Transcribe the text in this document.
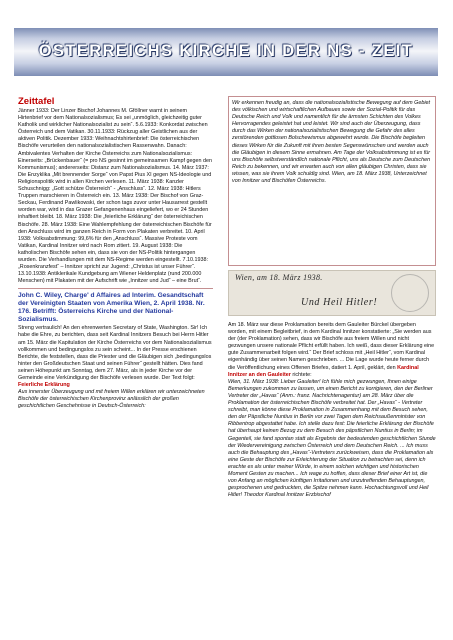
ÖSTERREICHS KIRCHE IN DER NS - ZEIT
Zeittafel

Jänner 1933: Der Linzer Bischof Johannes M. Gföllner warnt in seinem Hirtenbrief vor dem Nationalsozialismus; Es sei „unmöglich, gleichzeitig guter Katholik und wirklicher Nationalsozialist zu sein“. 5.6.1933: Konkordat zwischen Österreich und dem Vatikan. 30.11.1933: Rückzug aller Geistlichen aus der aktiven Politik. Dezember 1933: Weihnachtshirtenbrief: Die österreichischen Bischöfe verurteilen den nationalsozialistischen Rassenwahn. Danach: Ambivalentes Verhalten der Kirche Österreichs zum Nationalsozialismus: Einerseits: „Brückenbauer“ (= pro NS gesinnt im gemeinsamen Kampf gegen den Kommunismus); andererseits: Distanz zum Nationalsozialismus. 14. März 1937: Die Enzyklika „Mit brennender Sorge“ von Papst Pius XI gegen NS-Ideologie und Religionspolitik wird in allen Kirchen verlesen. 11. März 1938: Kanzler Schuschnigg: „Gott schütze Österreich“ - „Anschluss“. 12. März 1938: Hitlers Truppen marschieren in Österreich ein. 13. März 1938: Der Bischof von Graz-Seckau, Ferdinand Pawlikowski, der schon tags zuvor unter Hausarrest gestellt worden war, wird in das Grazer Gefangenenhaus eingeliefert, wo er 24 Stunden inhaftiert bleibt. 18. März 1938: Die „feierliche Erklärung“ der österreichischen Bischöfe. 28. März 1938: Eine Wahlempfehlung der österreichischen Bischöfe für den Anschluss wird im ganzen Reich in Form von Plakaten verbreitet. 10. April 1938: Volksabstimmung: 99,6% für den „Anschluss“. Massive Proteste vom Vatikan, Kardinal Innitzer wird nach Rom zitiert. 19. August 1938: Die katholischen Bischöfe sehen ein, dass sie von der NS-Politik hintergangen wurden. Die Verhandlungen mit dem NS-Regime werden eingestellt. 7.10.1938: „Rosenkranzfest“ – Innitzer spricht zur Jugend: „Christus ist unser Führer“. 13.10.1938: Antiklerikale Kundgebung am Wiener Heldenplatz (rund 200.000 Menschen) mit Plakaten mit der Aufschrift wie „Innitzer und Jud“ – eine Brut“.

John C. Wiley, Charge' d Affaires ad Interim. Gesandtschaft der Vereinigten Staaten von Amerika Wien, 2. April 1938. Nr. 176. Betrifft: Österreichs Kirche und der National-Sozialismus.

Streng vertraulich! An den ehrenwerten Secretary of State, Washington. Sir! Ich habe die Ehre, zu berichten, dass seit Kardinal Innitzers Besuch bei Herrn Hitler am 15. März die Kapitulation der Kirche Österreichs vor dem Nationalsozialismus vollkommen und bedingungslos zu sein scheint... In der Presse erschienen Berichte, die feststellen, dass die Priester und die Gläubigen sich „bedingungslos hinter den Großdeutschen Staat und seinen Führer“ gestellt hätten. Dies fand seinen Höhepunkt am Sonntag, dem 27. März, als in jeder Kirche vor der Gemeinde eine Verkündigung der Bischöfe verlesen wurde. Der Text folgt: Feierliche Erklärung

Aus innerster Überzeugung und mit freiem Willen erklären wir unterzeichneten Bischöfe der österreichischen Kirchenprovinz anlässlich der großen geschichtlichen Geschehnisse in Deutsch-Österreich:

Wir erkennen freudig an, dass die nationalsozialistische Bewegung auf dem Gebiet des völkischen und wirtschaftlichen Aufbaues sowie der Sozial-Politik für das Deutsche Reich und Volk und namentlich für die ärmsten Schichten des Volkes Hervorragendes geleistet hat und leistet. Wir sind auch der Überzeugung, dass durch das Wirken der nationalsozialistischen Bewegung die Gefahr des alles zerstörenden gottlosen Bolschewismus abgewehrt wurde. Die Bischöfe begleiten dieses Wirken für die Zukunft mit ihren besten Segenswünschen und werden auch die Gläubigen in diesem Sinne ermahnen. Am Tage der Volksabstimmung ist es für uns Bischöfe selbstverständlich nationale Pflicht, uns als Deutsche zum Deutschen Reich zu bekennen, und wir erwarten auch von allen gläubigen Christen, dass sie wissen, was sie ihrem Volk schuldig sind. Wien, am 18. März 1938, Unterzeichnet von Innitzer und Bischöfen Österreichs.

Wien, am 18. März 1938.
Und Heil Hitler!

Am 18. März war diese Proklamation bereits dem Gauleiter Bürckel übergeben worden, mit einem Begleitbrief, in dem Kardinal Innitzer konstatierte: „Sie werden aus der (der Proklamation) sehen, dass wir Bischöfe aus freiem Willen und nicht gezwungen unsere nationale Pflicht erfüllt haben. Ich weiß, dass dieser Erklärung eine gute Zusammenarbeit folgen wird.“ Der Brief schloss mit „Heil Hitler“, vom Kardinal eigenhändig über seinen Namen geschrieben. ... Die Lage wurde heute ferner durch die Veröffentlichung eines Offenen Briefes, datiert 1. April, geklärt, den Kardinal Innitzer an den Gauleiter richtete:

Wien, 31. März 1938: Lieber Gauleiter! Ich fühle mich gezwungen, Ihnen einige Bemerkungen zukommen zu lassen, um einen Bericht zu korrigieren, den der Berliner Vertreter der „Havas“ (Anm.: franz. Nachrichtenagentur) am 28. März über die Proklamation der österreichischen Bischöfe verbreitet hat. Der „Havas“ - Vertreter schreibt, man könne diese Proklamation in Zusammenhang mit dem Besuch sehen, den der Päpstliche Nuntius in Berlin vor zwei Tagen dem Reichsaußenminister von Ribbentrop abgestattet habe. Ich stelle dazu fest: Die feierliche Erklärung der Bischöfe hat überhaupt keinen Bezug zu dem Besuch des päpstlichen Nuntius in Berlin; im Gegenteil, sie fand spontan statt als Ergebnis der bedeutenden geschichtlichen Stunde der Wiedervereinigung zwischen Österreich und dem Deutschen Reich. ... Ich muss auch die Behauptung des „Havas“-Vertreters zurückweisen, dass die Proklamation als eine Geste der Bischöfe zur Erleichterung der Situation zu betrachten sei, denn ich erachte es als unter meiner Würde, in einem solchen wichtigen und historischen Moment Gesten zu machen... Ich wage zu hoffen, dass dieser Brief einer Art ist, die von Anfang an möglichen künftigen Irritationen und unzutreffenden Behauptungen, gesprochenen und gedruckten, die Spitze nehmen kann. Hochachtungsvoll und Heil Hitler! Theodor Kardinal Innitzer Erzbischof
